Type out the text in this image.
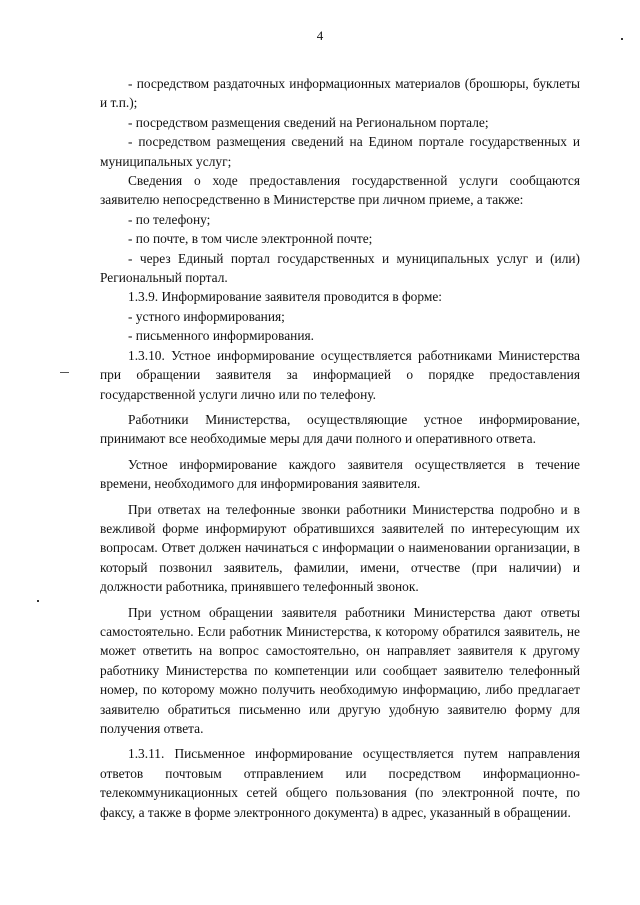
4

- посредством раздаточных информационных материалов (брошюры, буклеты и т.п.);

- посредством размещения сведений на Региональном портале;

- посредством размещения сведений на Едином портале государственных и муниципальных услуг;

Сведения о ходе предоставления государственной услуги сообщаются заявителю непосредственно в Министерстве при личном приеме, а также:

- по телефону;

- по почте, в том числе электронной почте;

- через Единый портал государственных и муниципальных услуг и (или) Региональный портал.

1.3.9. Информирование заявителя проводится в форме:

- устного информирования;

- письменного информирования.

1.3.10. Устное информирование осуществляется работниками Министерства при обращении заявителя за информацией о порядке предоставления государственной услуги лично или по телефону.

Работники Министерства, осуществляющие устное информирование, принимают все необходимые меры для дачи полного и оперативного ответа.

Устное информирование каждого заявителя осуществляется в течение времени, необходимого для информирования заявителя.

При ответах на телефонные звонки работники Министерства подробно и в вежливой форме информируют обратившихся заявителей по интересующим их вопросам. Ответ должен начинаться с информации о наименовании организации, в который позвонил заявитель, фамилии, имени, отчестве (при наличии) и должности работника, принявшего телефонный звонок.

При устном обращении заявителя работники Министерства дают ответы самостоятельно. Если работник Министерства, к которому обратился заявитель, не может ответить на вопрос самостоятельно, он направляет заявителя к другому работнику Министерства по компетенции или сообщает заявителю телефонный номер, по которому можно получить необходимую информацию, либо предлагает заявителю обратиться письменно или другую удобную заявителю форму для получения ответа.

1.3.11. Письменное информирование осуществляется путем направления ответов почтовым отправлением или посредством информационно-телекоммуникационных сетей общего пользования (по электронной почте, по факсу, а также в форме электронного документа) в адрес, указанный в обращении.
